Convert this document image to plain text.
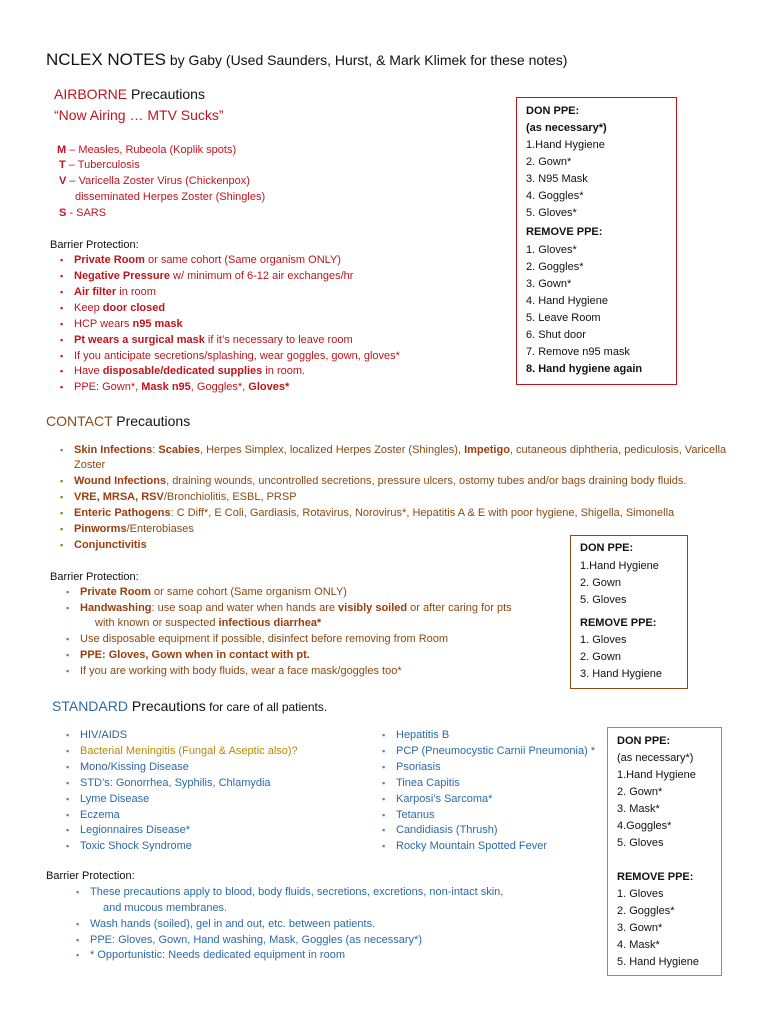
NCLEX NOTES by Gaby (Used Saunders, Hurst, & Mark Klimek for these notes)
AIRBORNE Precautions
“Now Airing … MTV Sucks”
M – Measles, Rubeola (Koplik spots)
T – Tuberculosis
V – Varicella Zoster Virus (Chickenpox)
disseminated Herpes Zoster (Shingles)
S - SARS
Barrier Protection:
▪ Private Room or same cohort (Same organism ONLY)
▪ Negative Pressure w/ minimum of 6-12 air exchanges/hr
▪ Air filter in room
▪ Keep door closed
▪ HCP wears n95 mask
▪ Pt wears a surgical mask if it’s necessary to leave room
▪ If you anticipate secretions/splashing, wear goggles, gown, gloves*
▪ Have disposable/dedicated supplies in room.
▪ PPE: Gown*, Mask n95, Goggles*, Gloves*
DON PPE:
(as necessary*)
1.Hand Hygiene
2. Gown*
3. N95 Mask
4. Goggles*
5. Gloves*
REMOVE PPE:
1. Gloves*
2. Goggles*
3. Gown*
4. Hand Hygiene
5. Leave Room
6. Shut door
7. Remove n95 mask
8. Hand hygiene again
CONTACT Precautions
▪ Skin Infections: Scabies, Herpes Simplex, localized Herpes Zoster (Shingles), Impetigo, cutaneous diphtheria, pediculosis, Varicella
Zoster
▪ Wound Infections, draining wounds, uncontrolled secretions, pressure ulcers, ostomy tubes and/or bags draining body fluids.
▪ VRE, MRSA, RSV/Bronchiolitis, ESBL, PRSP
▪ Enteric Pathogens: C Diff*, E Coli, Gardiasis, Rotavirus, Norovirus*, Hepatitis A & E with poor hygiene, Shigella, Simonella
▪ Pinworms/Enterobiases
▪ Conjunctivitis
Barrier Protection:
▪ Private Room or same cohort (Same organism ONLY)
▪ Handwashing: use soap and water when hands are visibly soiled or after caring for pts
with known or suspected infectious diarrhea*
▪ Use disposable equipment if possible, disinfect before removing from Room
▪ PPE: Gloves, Gown when in contact with pt.
▪ If you are working with body fluids, wear a face mask/goggles too*
DON PPE:
1.Hand Hygiene
2. Gown
5. Gloves
REMOVE PPE:
1. Gloves
2. Gown
3. Hand Hygiene
STANDARD Precautions for care of all patients.
▪ HIV/AIDS
▪ Bacterial Meningitis (Fungal & Aseptic also)?
▪ Mono/Kissing Disease
▪ STD’s: Gonorrhea, Syphilis, Chlamydia
▪ Lyme Disease
▪ Eczema
▪ Legionnaires Disease*
▪ Toxic Shock Syndrome
▪ Hepatitis B
▪ PCP (Pneumocystic Carnii Pneumonia) *
▪ Psoriasis
▪ Tinea Capitis
▪ Karposi’s Sarcoma*
▪ Tetanus
▪ Candidiasis (Thrush)
▪ Rocky Mountain Spotted Fever
Barrier Protection:
▪ These precautions apply to blood, body fluids, secretions, excretions, non-intact skin,
and mucous membranes.
▪ Wash hands (soiled), gel in and out, etc. between patients.
▪ PPE: Gloves, Gown, Hand washing, Mask, Goggles (as necessary*)
▪ * Opportunistic: Needs dedicated equipment in room
DON PPE:
(as necessary*)
1.Hand Hygiene
2. Gown*
3. Mask*
4.Goggles*
5. Gloves
REMOVE PPE:
1. Gloves
2. Goggles*
3. Gown*
4. Mask*
5. Hand Hygiene
